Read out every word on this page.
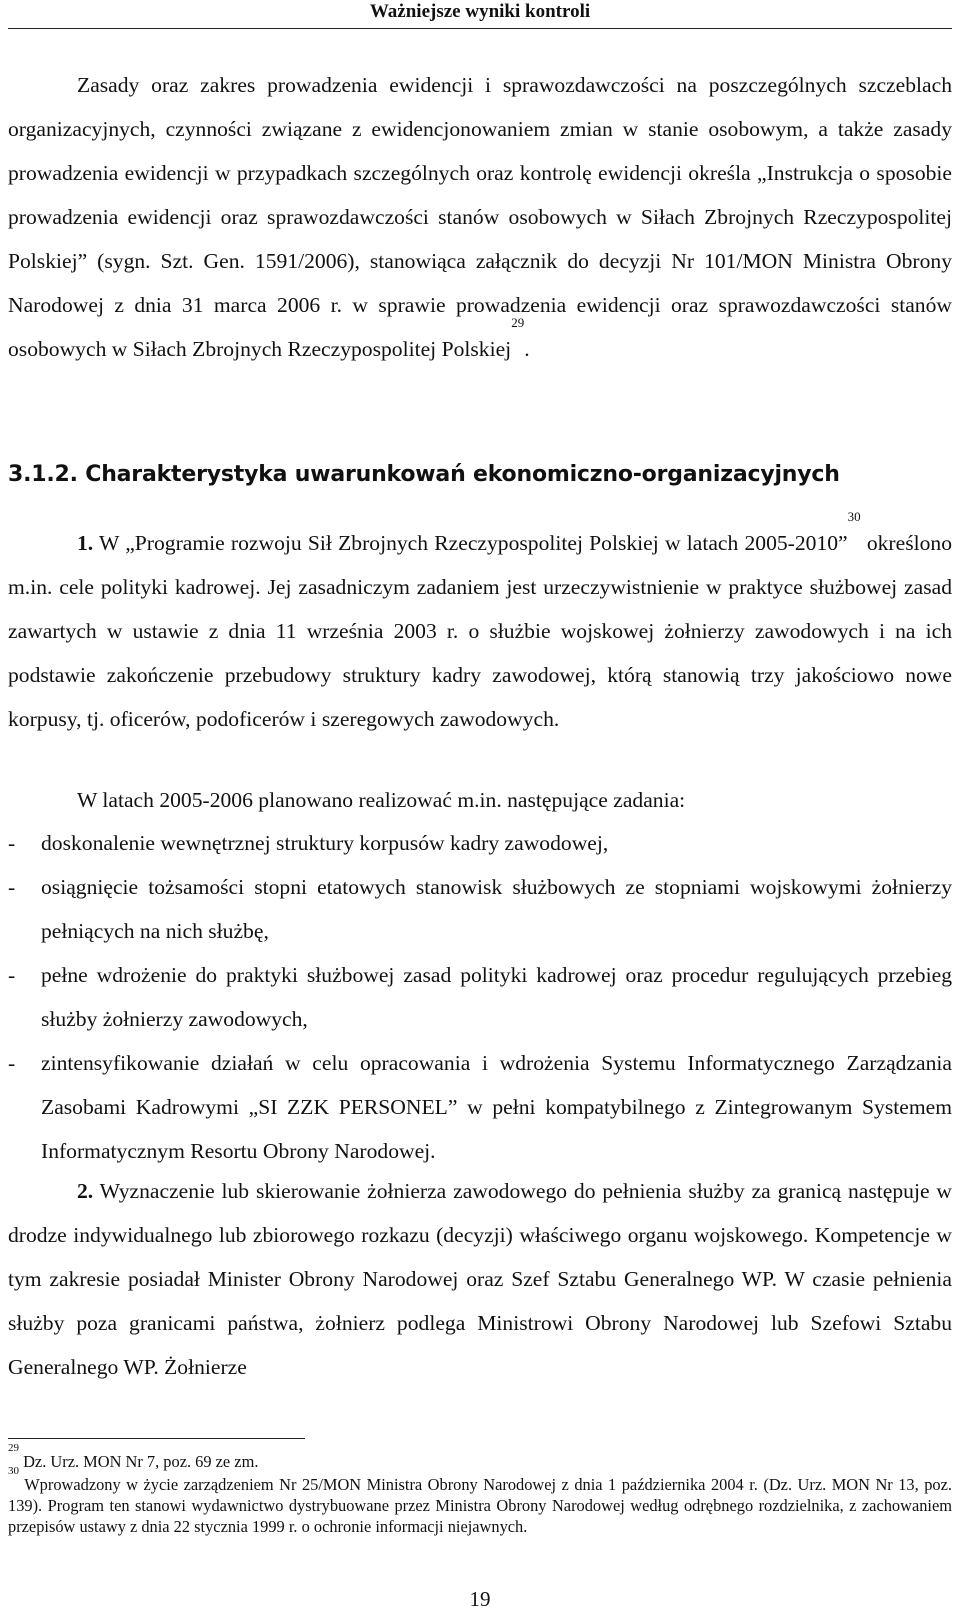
Ważniejsze wyniki kontroli

Zasady oraz zakres prowadzenia ewidencji i sprawozdawczości na poszczególnych szczeblach organizacyjnych, czynności związane z ewidencjonowaniem zmian w stanie osobowym, a także zasady prowadzenia ewidencji w przypadkach szczególnych oraz kontrolę ewidencji określa „Instrukcja o sposobie prowadzenia ewidencji oraz sprawozdawczości stanów osobowych w Siłach Zbrojnych Rzeczypospolitej Polskiej” (sygn. Szt. Gen. 1591/2006), stanowiąca załącznik do decyzji Nr 101/MON Ministra Obrony Narodowej z dnia 31 marca 2006 r. w sprawie prowadzenia ewidencji oraz sprawozdawczości stanów osobowych w Siłach Zbrojnych Rzeczypospolitej Polskiej$^{29}$.

3.1.2. Charakterystyka uwarunkowań ekonomiczno-organizacyjnych

1. W „Programie rozwoju Sił Zbrojnych Rzeczypospolitej Polskiej w latach 2005-2010”$^{30}$ określono m.in. cele polityki kadrowej. Jej zasadniczym zadaniem jest urzeczywistnienie w praktyce służbowej zasad zawartych w ustawie z dnia 11 września 2003 r. o służbie wojskowej żołnierzy zawodowych i na ich podstawie zakończenie przebudowy struktury kadry zawodowej, którą stanowią trzy jakościowo nowe korpusy, tj. oficerów, podoficerów i szeregowych zawodowych.

W latach 2005-2006 planowano realizować m.in. następujące zadania:

- doskonalenie wewnętrznej struktury korpusów kadry zawodowej,
- osiągnięcie tożsamości stopni etatowych stanowisk służbowych ze stopniami wojskowymi żołnierzy pełniących na nich służbę,
- pełne wdrożenie do praktyki służbowej zasad polityki kadrowej oraz procedur regulujących przebieg służby żołnierzy zawodowych,
- zintensyfikowanie działań w celu opracowania i wdrożenia Systemu Informatycznego Zarządzania Zasobami Kadrowymi „SI ZZK PERSONEL” w pełni kompatybilnego z Zintegrowanym Systemem Informatycznym Resortu Obrony Narodowej.

2. Wyznaczenie lub skierowanie żołnierza zawodowego do pełnienia służby za granicą następuje w drodze indywidualnego lub zbiorowego rozkazu (decyzji) właściwego organu wojskowego. Kompetencje w tym zakresie posiadał Minister Obrony Narodowej oraz Szef Sztabu Generalnego WP. W czasie pełnienia służby poza granicami państwa, żołnierz podlega Ministrowi Obrony Narodowej lub Szefowi Sztabu Generalnego WP. Żołnierze

$^{29}$ Dz. Urz. MON Nr 7, poz. 69 ze zm.

$^{30}$ Wprowadzony w życie zarządzeniem Nr 25/MON Ministra Obrony Narodowej z dnia 1 października 2004 r. (Dz. Urz. MON Nr 13, poz. 139). Program ten stanowi wydawnictwo dystrybuowane przez Ministra Obrony Narodowej według odrębnego rozdzielnika, z zachowaniem przepisów ustawy z dnia 22 stycznia 1999 r. o ochronie informacji niejawnych.

19
